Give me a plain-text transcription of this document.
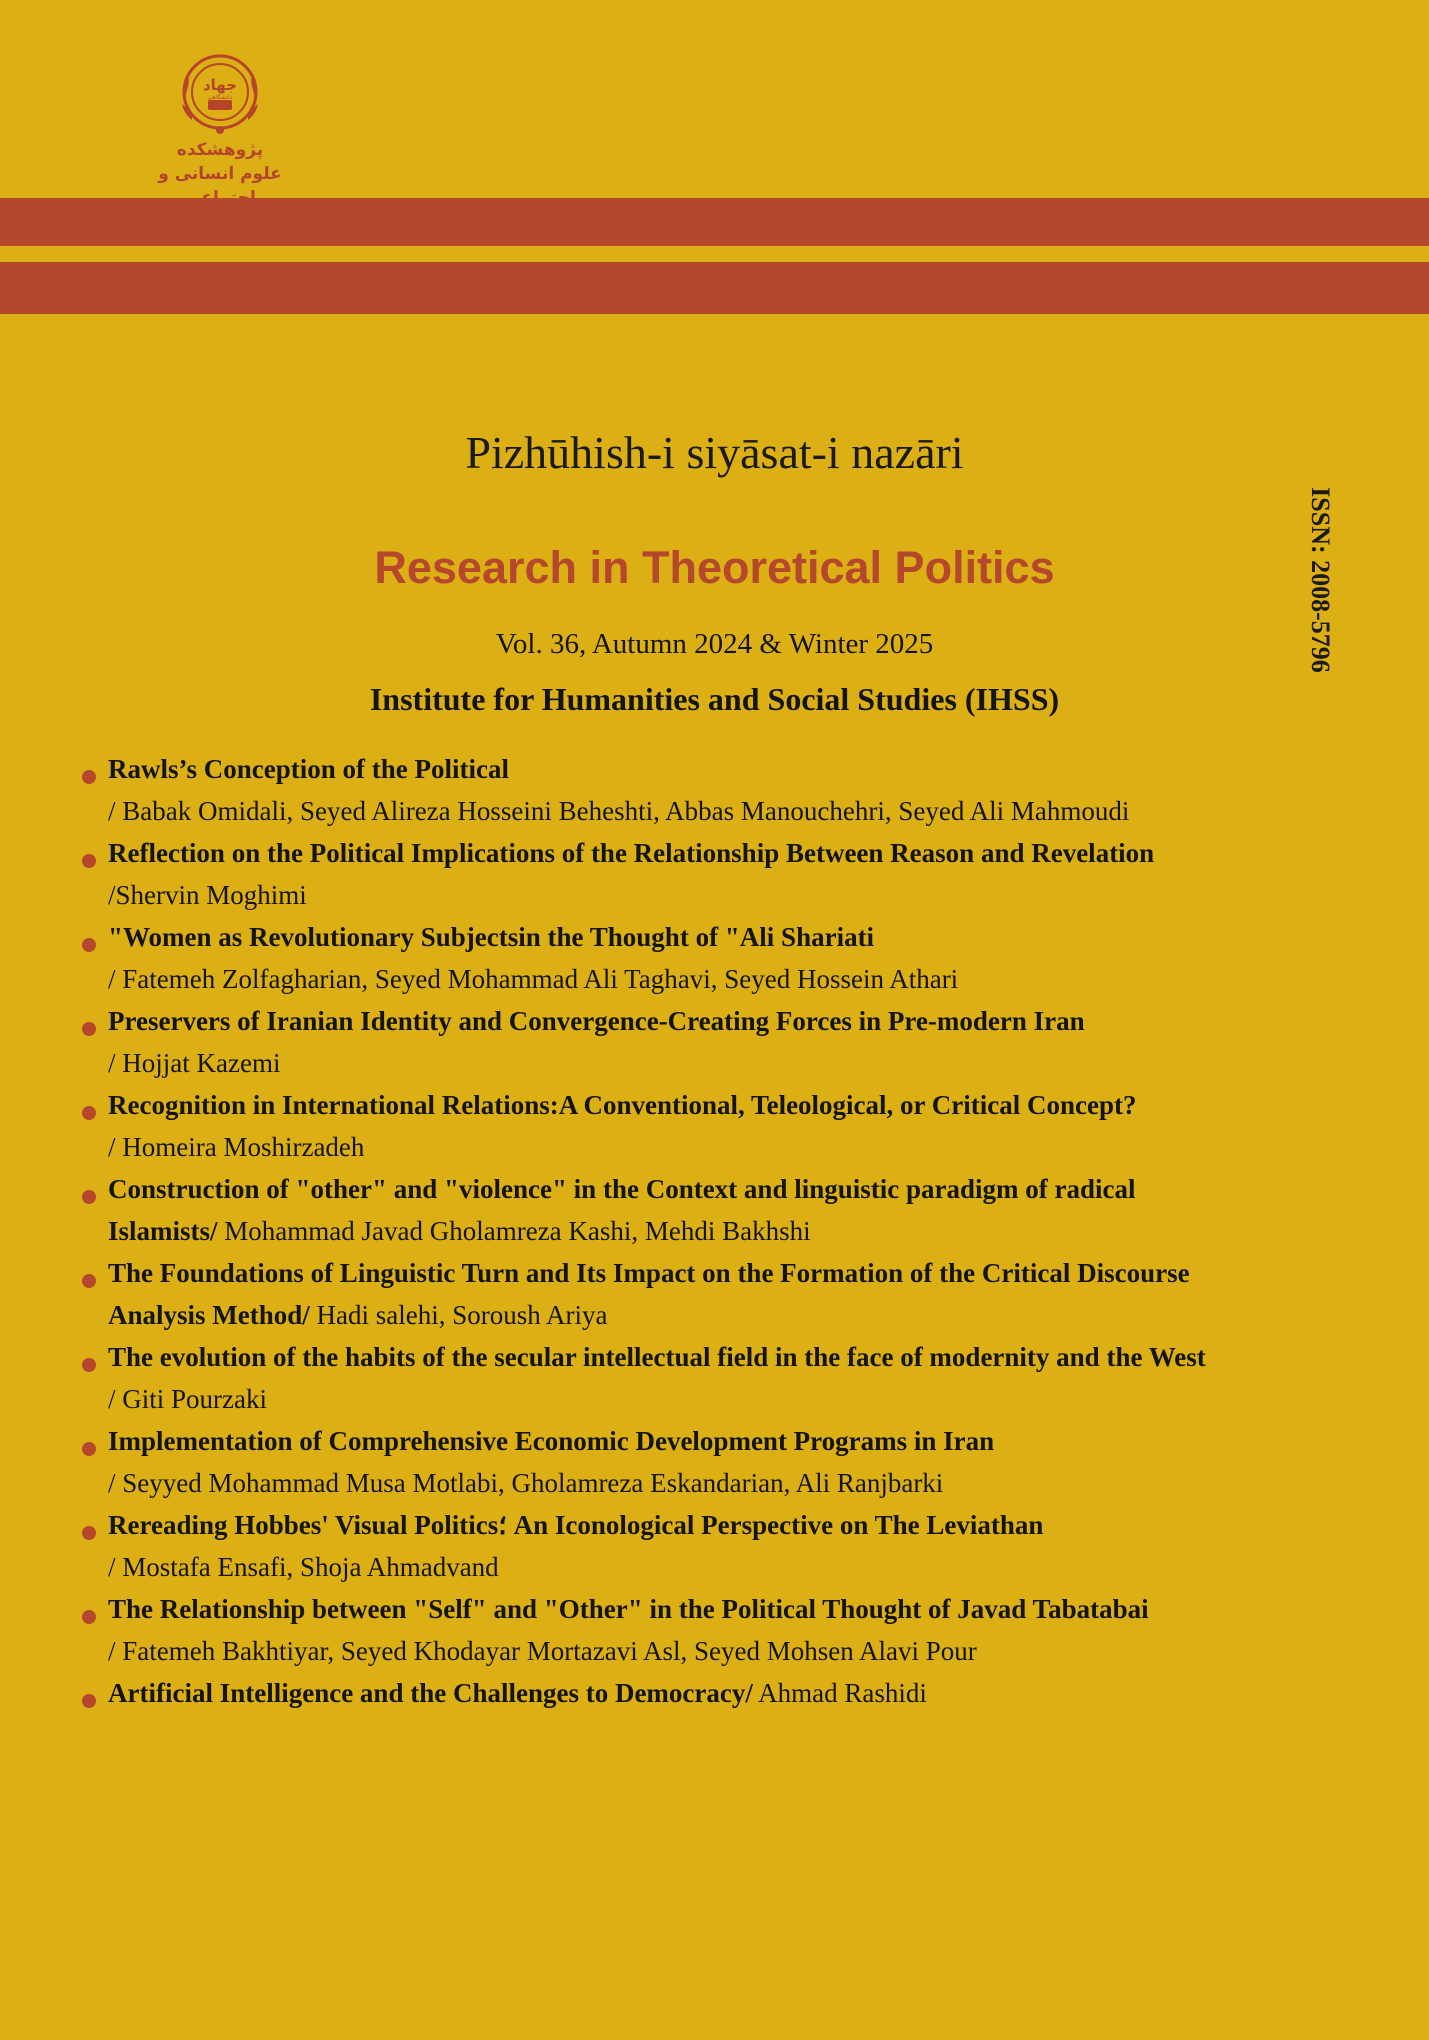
جهاد
دانشگاهی
پژوهشکده
علوم انسانی و
Pizhūhish-i siyāsat-i nazāri
ISSN: 2008-5796
Research in Theoretical Politics
Vol. 36, Autumn 2024 & Winter 2025
Institute for Humanities and Social Studies (IHSS)
Rawls’s Conception of the Political
/ Babak Omidali, Seyed Alireza Hosseini Beheshti, Abbas Manouchehri, Seyed Ali Mahmoudi
Reflection on the Political Implications of the Relationship Between Reason and Revelation
/Shervin Moghimi
"Women as Revolutionary Subjectsin the Thought of "Ali Shariati
/ Fatemeh Zolfagharian, Seyed Mohammad Ali Taghavi, Seyed Hossein Athari
Preservers of Iranian Identity and Convergence-Creating Forces in Pre-modern Iran
/ Hojjat Kazemi
Recognition in International Relations:A Conventional, Teleological, or Critical Concept?
/ Homeira Moshirzadeh
Construction of "other" and "violence" in the Context and linguistic paradigm of radical
Islamists/ Mohammad Javad Gholamreza Kashi, Mehdi Bakhshi
The Foundations of Linguistic Turn and Its Impact on the Formation of the Critical Discourse
Analysis Method/ Hadi salehi, Soroush Ariya
The evolution of the habits of the secular intellectual field in the face of modernity and the West
/ Giti Pourzaki
Implementation of Comprehensive Economic Development Programs in Iran
/ Seyyed Mohammad Musa Motlabi, Gholamreza Eskandarian, Ali Ranjbarki
Rereading Hobbes' Visual Politics؛ An Iconological Perspective on The Leviathan
/ Mostafa Ensafi, Shoja Ahmadvand
The Relationship between "Self" and "Other" in the Political Thought of Javad Tabatabai
/ Fatemeh Bakhtiyar, Seyed Khodayar Mortazavi Asl, Seyed Mohsen Alavi Pour
Artificial Intelligence and the Challenges to Democracy/ Ahmad Rashidi
